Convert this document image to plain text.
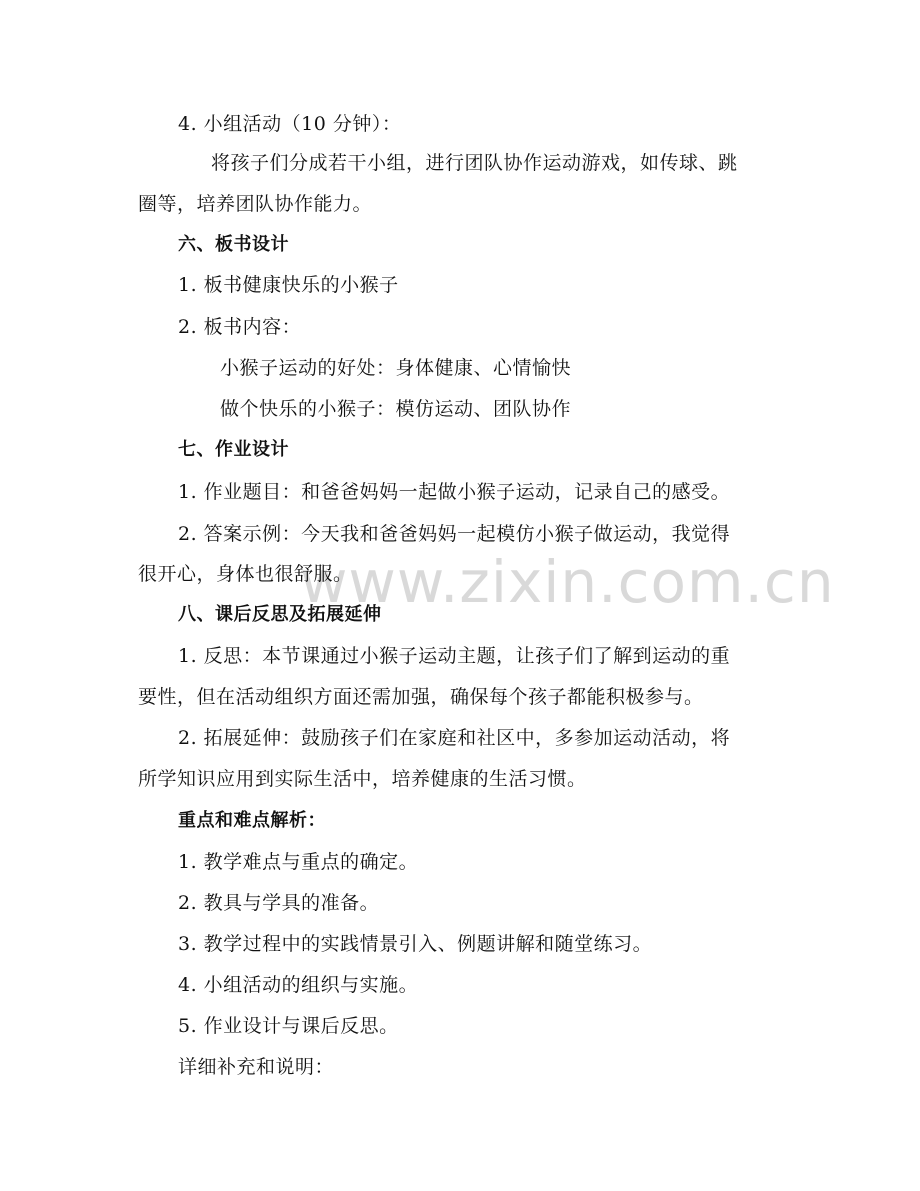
www.zixin.com.cn
4. 小组活动（10 分钟）：
将孩子们分成若干小组，进行团队协作运动游戏，如传球、跳
圈等，培养团队协作能力。
六、板书设计
1. 板书健康快乐的小猴子
2. 板书内容：
小猴子运动的好处：身体健康、心情愉快
做个快乐的小猴子：模仿运动、团队协作
七、作业设计
1. 作业题目：和爸爸妈妈一起做小猴子运动，记录自己的感受。
2. 答案示例：今天我和爸爸妈妈一起模仿小猴子做运动，我觉得
很开心，身体也很舒服。
八、课后反思及拓展延伸
1. 反思：本节课通过小猴子运动主题，让孩子们了解到运动的重
要性，但在活动组织方面还需加强，确保每个孩子都能积极参与。
2. 拓展延伸：鼓励孩子们在家庭和社区中，多参加运动活动，将
所学知识应用到实际生活中，培养健康的生活习惯。
重点和难点解析：
1. 教学难点与重点的确定。
2. 教具与学具的准备。
3. 教学过程中的实践情景引入、例题讲解和随堂练习。
4. 小组活动的组织与实施。
5. 作业设计与课后反思。
详细补充和说明：
